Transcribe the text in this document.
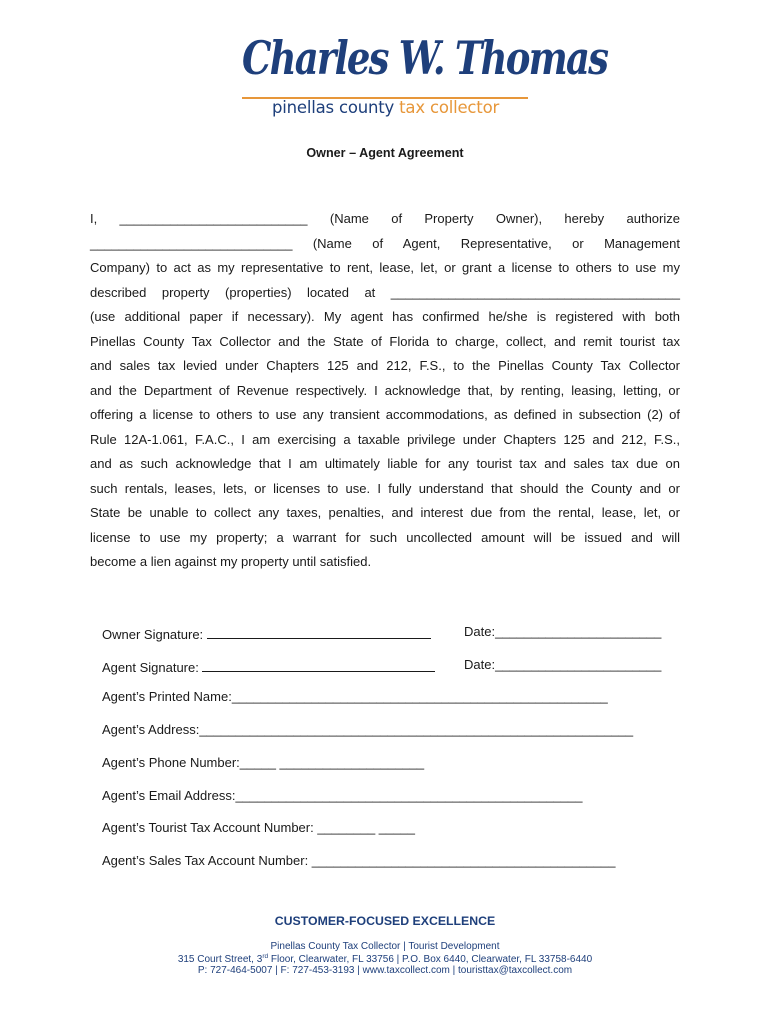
Charles W. Thomas
pinellas county tax collector
Owner – Agent Agreement
I, __________________________ (Name of Property Owner), hereby authorize
____________________________ (Name of Agent, Representative, or Management
Company) to act as my representative to rent, lease, let, or grant a license to others to use my
described property (properties) located at ________________________________________
(use additional paper if necessary). My agent has confirmed he/she is registered with both
Pinellas County Tax Collector and the State of Florida to charge, collect, and remit tourist tax
and sales tax levied under Chapters 125 and 212, F.S., to the Pinellas County Tax Collector
and the Department of Revenue respectively. I acknowledge that, by renting, leasing, letting, or
offering a license to others to use any transient accommodations, as defined in subsection (2) of
Rule 12A-1.061, F.A.C., I am exercising a taxable privilege under Chapters 125 and 212, F.S.,
and as such acknowledge that I am ultimately liable for any tourist tax and sales tax due on
such rentals, leases, lets, or licenses to use. I fully understand that should the County and or
State be unable to collect any taxes, penalties, and interest due from the rental, lease, let, or
license to use my property; a warrant for such uncollected amount will be issued and will
become a lien against my property until satisfied.
Owner Signature:	Date:_______________________
Agent Signature:	Date:_______________________
Agent’s Printed Name:____________________________________________________
Agent’s Address:____________________________________________________________
Agent’s Phone Number:_____ ____________________
Agent’s Email Address:________________________________________________
Agent’s Tourist Tax Account Number: ________ _____
Agent’s Sales Tax Account Number: __________________________________________
CUSTOMER-FOCUSED EXCELLENCE
Pinellas County Tax Collector | Tourist Development
315 Court Street, 3rd Floor, Clearwater, FL 33756 | P.O. Box 6440, Clearwater, FL 33758-6440
P: 727-464-5007 | F: 727-453-3193 | www.taxcollect.com | touristtax@taxcollect.com
